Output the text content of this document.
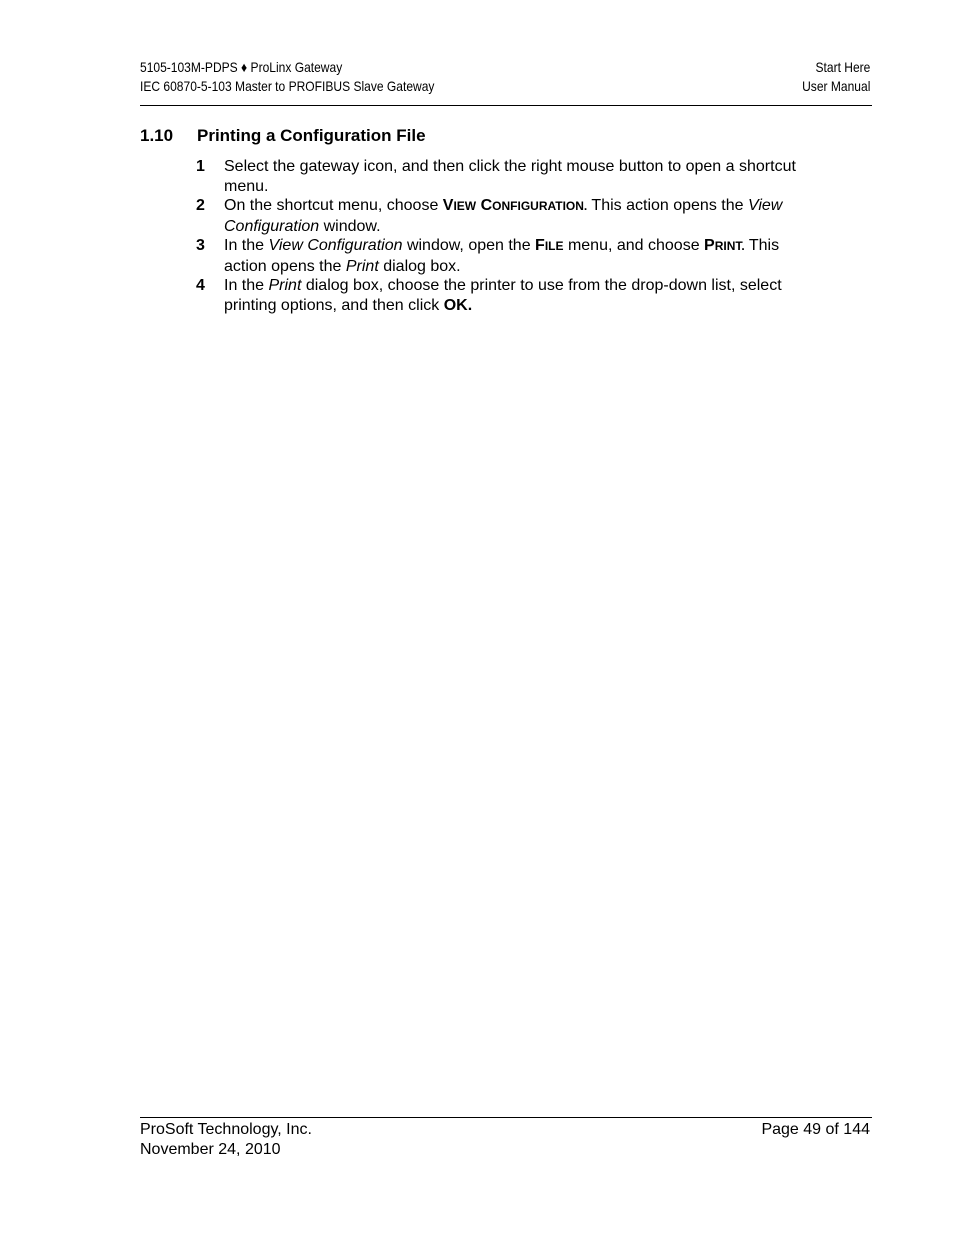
5105-103M-PDPS ♦ ProLinx Gateway
IEC 60870-5-103 Master to PROFIBUS Slave Gateway
Start Here
User Manual
1.10 Printing a Configuration File
1 Select the gateway icon, and then click the right mouse button to open a shortcut menu.
2 On the shortcut menu, choose VIEW CONFIGURATION. This action opens the View Configuration window.
3 In the View Configuration window, open the FILE menu, and choose PRINT. This action opens the Print dialog box.
4 In the Print dialog box, choose the printer to use from the drop-down list, select printing options, and then click OK.
ProSoft Technology, Inc.
November 24, 2010
Page 49 of 144
